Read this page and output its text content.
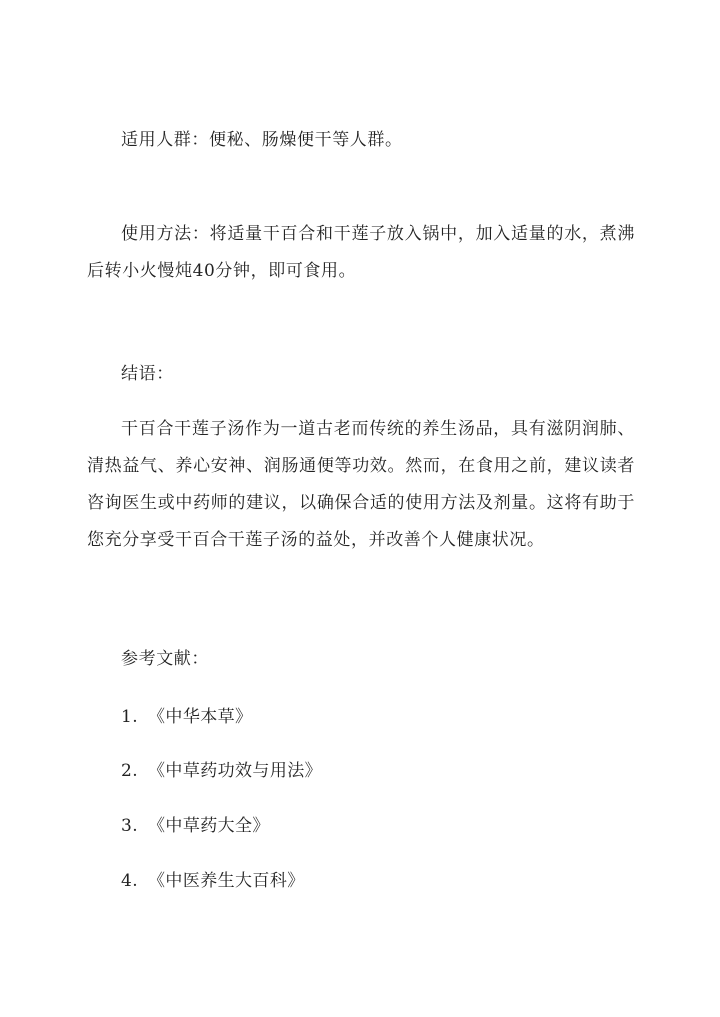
适用人群：便秘、肠燥便干等人群。

使用方法：将适量干百合和干莲子放入锅中，加入适量的水，煮沸后转小火慢炖40分钟，即可食用。

结语：

干百合干莲子汤作为一道古老而传统的养生汤品，具有滋阴润肺、清热益气、养心安神、润肠通便等功效。然而，在食用之前，建议读者咨询医生或中药师的建议，以确保合适的使用方法及剂量。这将有助于您充分享受干百合干莲子汤的益处，并改善个人健康状况。

参考文献：

1. 《中华本草》

2. 《中草药功效与用法》

3. 《中草药大全》

4. 《中医养生大百科》
